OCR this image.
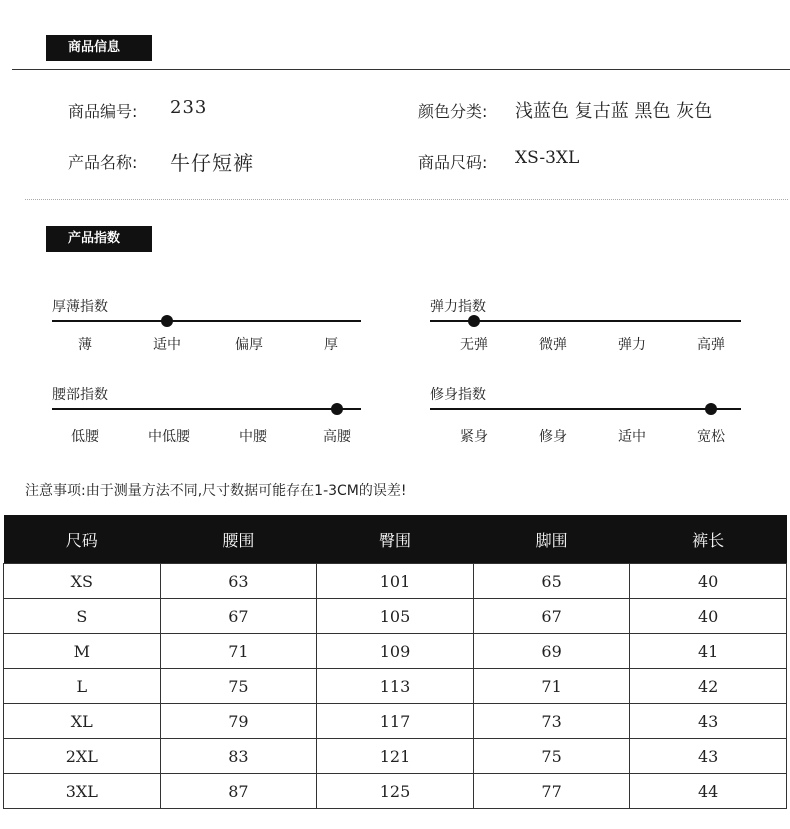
商品信息
商品编号: 233
产品名称: 牛仔短裤
颜色分类: 浅蓝色 复古蓝 黑色 灰色
商品尺码: XS-3XL
产品指数
厚薄指数
薄	适中	偏厚	厚
弹力指数
无弹	微弹	弹力	高弹
腰部指数
低腰	中低腰	中腰	高腰
修身指数
紧身	修身	适中	宽松
注意事项:由于测量方法不同,尺寸数据可能存在1-3CM的误差!
尺码	腰围	臀围	脚围	裤长
XS	63	101	65	40
S	67	105	67	40
M	71	109	69	41
L	75	113	71	42
XL	79	117	73	43
2XL	83	121	75	43
3XL	87	125	77	44
